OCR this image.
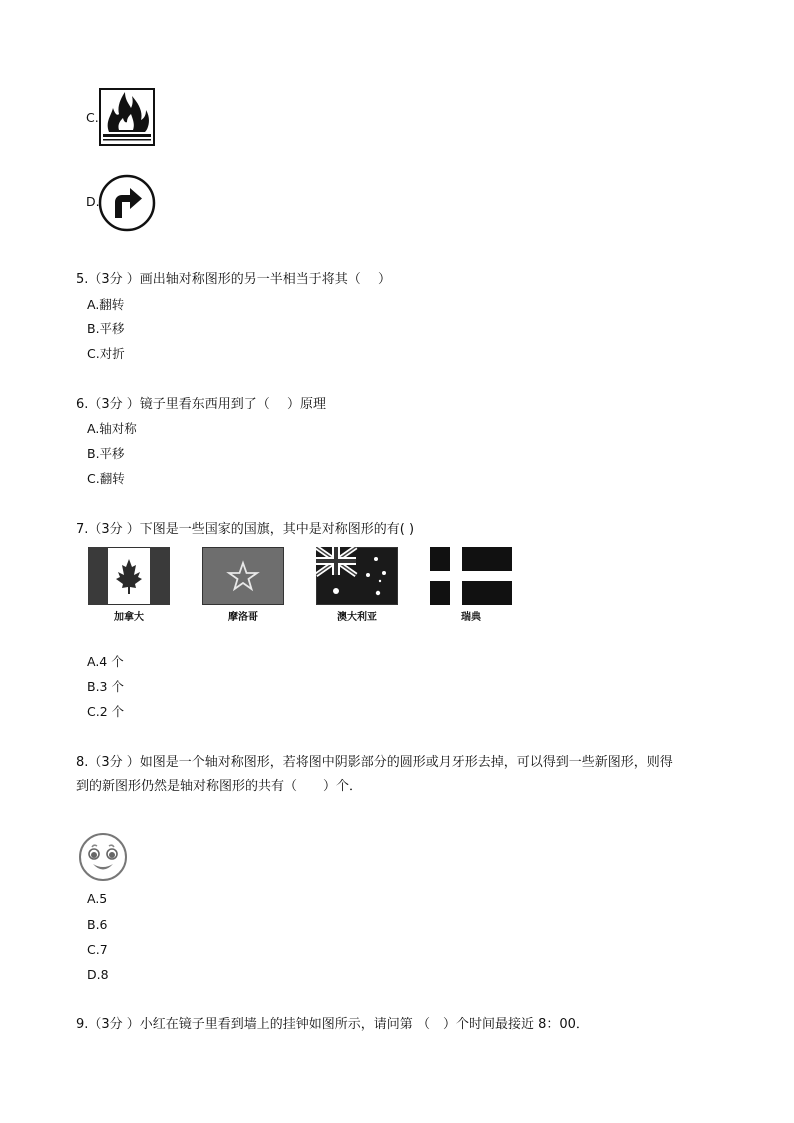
C.
D.
5.（3分 ）画出轴对称图形的另一半相当于将其（　 ）
A.翻转
B.平移
C.对折
6.（3分 ）镜子里看东西用到了（　 ）原理
A.轴对称
B.平移
C.翻转
7.（3分 ）下图是一些国家的国旗，其中是对称图形的有( )
加拿大	摩洛哥	澳大利亚	瑞典
A.4 个
B.3 个
C.2 个
8.（3分 ）如图是一个轴对称图形，若将图中阴影部分的圆形或月牙形去掉，可以得到一些新图形，则得
到的新图形仍然是轴对称图形的共有（　　）个．
A.5
B.6
C.7
D.8
9.（3分 ）小红在镜子里看到墙上的挂钟如图所示，请问第 （　）个时间最接近 8：00．
